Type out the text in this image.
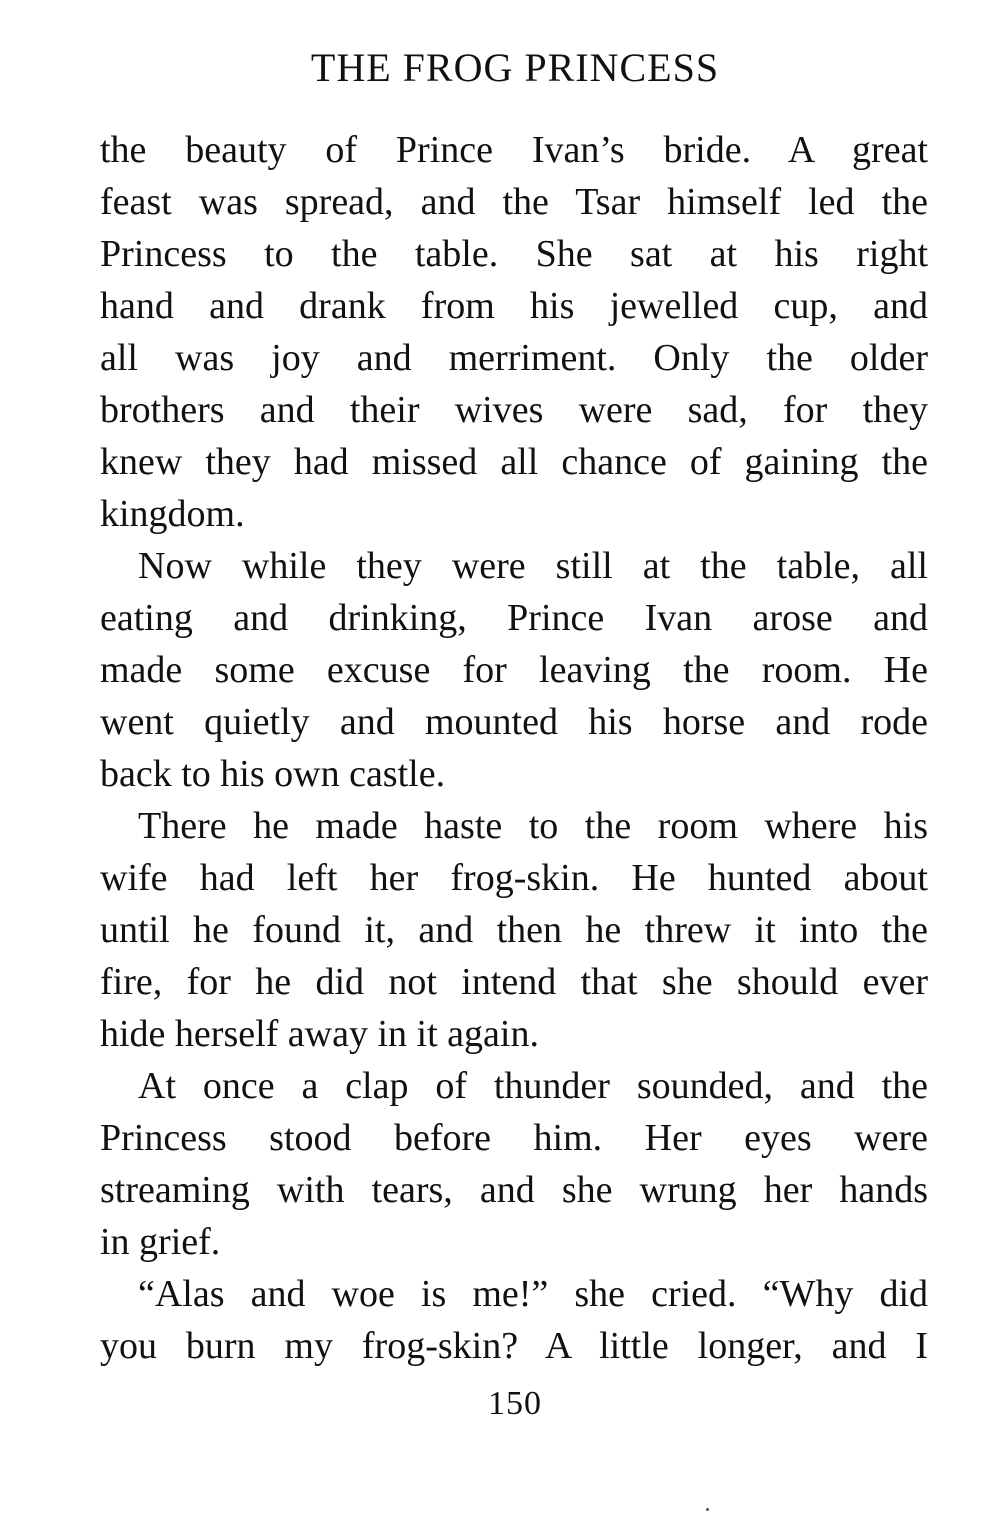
THE FROG PRINCESS

the beauty of Prince Ivan’s bride. A great
feast was spread, and the Tsar himself led the
Princess to the table. She sat at his right
hand and drank from his jewelled cup, and
all was joy and merriment. Only the older
brothers and their wives were sad, for they
knew they had missed all chance of gaining the
kingdom.

Now while they were still at the table, all
eating and drinking, Prince Ivan arose and
made some excuse for leaving the room. He
went quietly and mounted his horse and rode
back to his own castle.

There he made haste to the room where his
wife had left her frog-skin. He hunted about
until he found it, and then he threw it into the
fire, for he did not intend that she should ever
hide herself away in it again.

At once a clap of thunder sounded, and the
Princess stood before him. Her eyes were
streaming with tears, and she wrung her hands
in grief.

“Alas and woe is me!” she cried. “Why did
you burn my frog-skin? A little longer, and I

150
